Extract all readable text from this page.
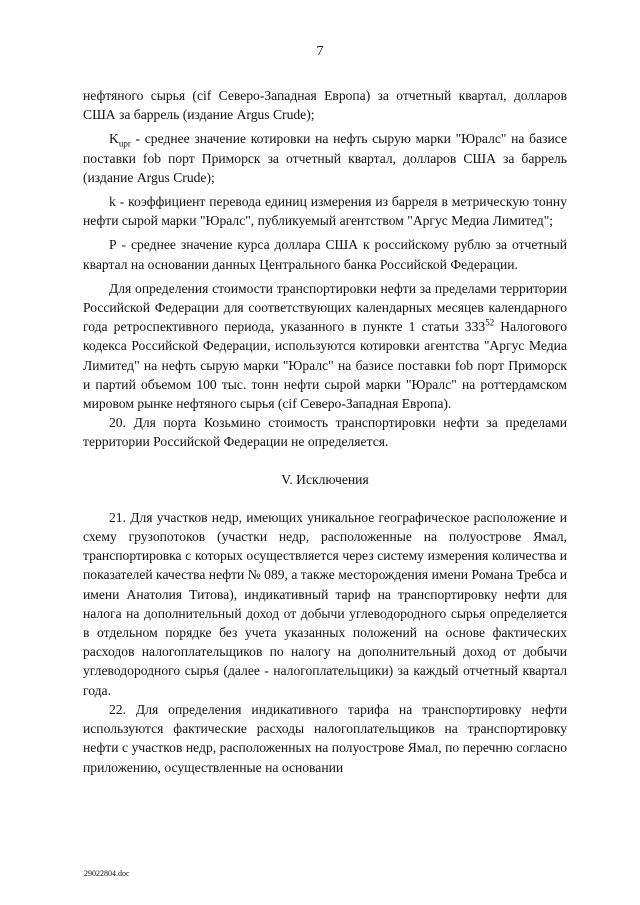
7

нефтяного сырья (cif Северо-Западная Европа) за отчетный квартал, долларов США за баррель (издание Argus Crude);

$K_{upr}$ - среднее значение котировки на нефть сырую марки "Юралс" на базисе поставки fob порт Приморск за отчетный квартал, долларов США за баррель (издание Argus Crude);

k - коэффициент перевода единиц измерения из барреля в метрическую тонну нефти сырой марки "Юралс", публикуемый агентством "Аргус Медиа Лимитед";

Р - среднее значение курса доллара США к российскому рублю за отчетный квартал на основании данных Центрального банка Российской Федерации.

Для определения стоимости транспортировки нефти за пределами территории Российской Федерации для соответствующих календарных месяцев календарного года ретроспективного периода, указанного в пункте 1 статьи $333^{52}$ Налогового кодекса Российской Федерации, используются котировки агентства "Аргус Медиа Лимитед" на нефть сырую марки "Юралс" на базисе поставки fob порт Приморск и партий объемом 100 тыс. тонн нефти сырой марки "Юралс" на роттердамском мировом рынке нефтяного сырья (cif Северо-Западная Европа).

20. Для порта Козьмино стоимость транспортировки нефти за пределами территории Российской Федерации не определяется.

V. Исключения

21. Для участков недр, имеющих уникальное географическое расположение и схему грузопотоков (участки недр, расположенные на полуострове Ямал, транспортировка с которых осуществляется через систему измерения количества и показателей качества нефти № 089, а также месторождения имени Романа Требса и имени Анатолия Титова), индикативный тариф на транспортировку нефти для налога на дополнительный доход от добычи углеводородного сырья определяется в отдельном порядке без учета указанных положений на основе фактических расходов налогоплательщиков по налогу на дополнительный доход от добычи углеводородного сырья (далее - налогоплательщики) за каждый отчетный квартал года.

22. Для определения индикативного тарифа на транспортировку нефти используются фактические расходы налогоплательщиков на транспортировку нефти с участков недр, расположенных на полуострове Ямал, по перечню согласно приложению, осуществленные на основании

29022804.doc
